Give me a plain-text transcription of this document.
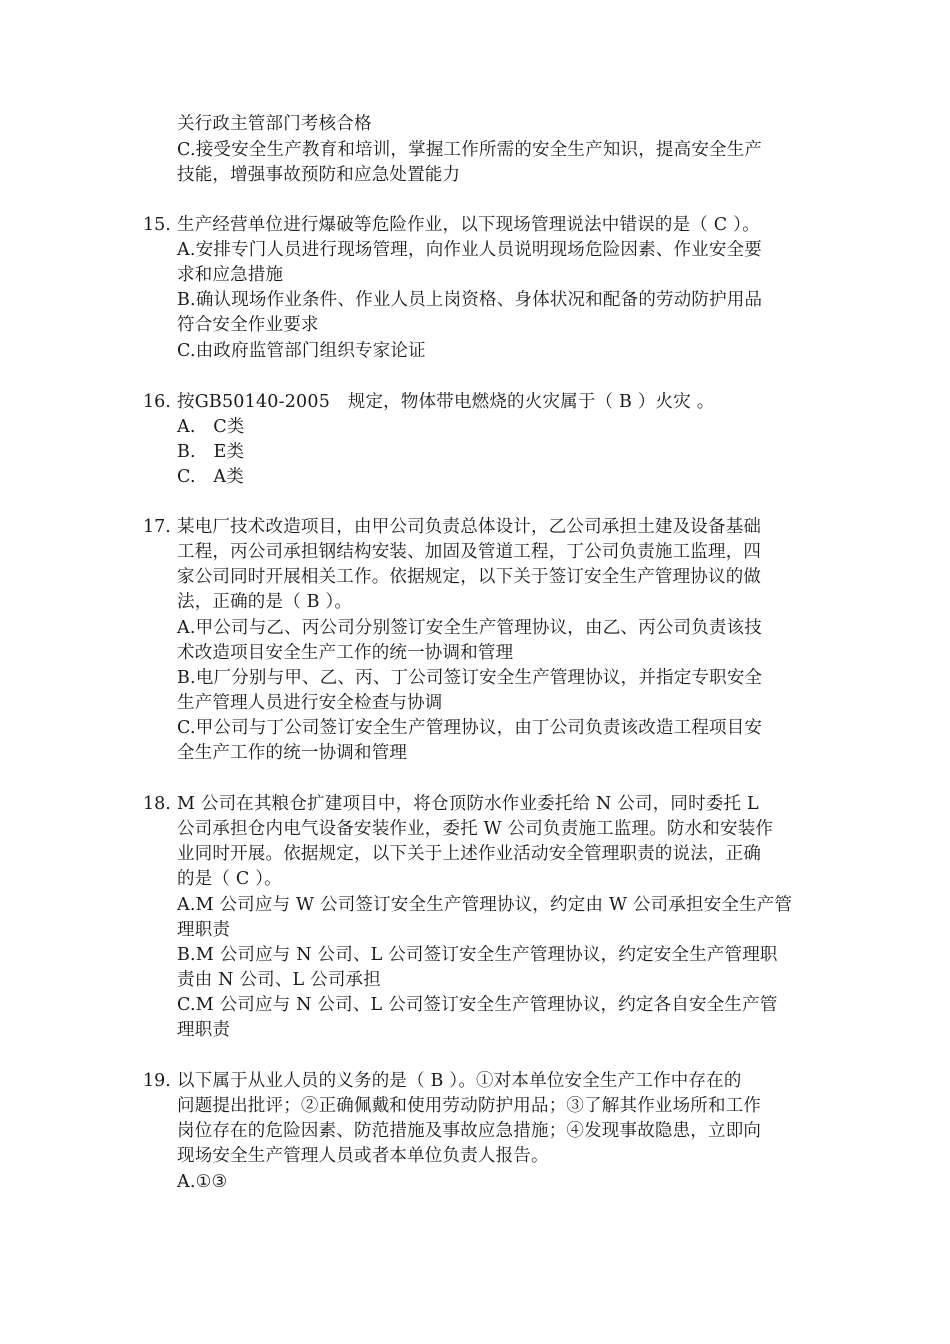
关行政主管部门考核合格
C.接受安全生产教育和培训，掌握工作所需的安全生产知识，提高安全生产
技能，增强事故预防和应急处置能力
15. 生产经营单位进行爆破等危险作业，以下现场管理说法中错误的是（ C ）。
A.安排专门人员进行现场管理，向作业人员说明现场危险因素、作业安全要
求和应急措施
B.确认现场作业条件、作业人员上岗资格、身体状况和配备的劳动防护用品
符合安全作业要求
C.由政府监管部门组织专家论证
16. 按GB50140-2005　规定，物体带电燃烧的火灾属于（ B ）火灾 。
A.　C类
B.　E类
C.　A类
17. 某电厂技术改造项目，由甲公司负责总体设计，乙公司承担土建及设备基础
工程，丙公司承担钢结构安装、加固及管道工程，丁公司负责施工监理，四
家公司同时开展相关工作。依据规定，以下关于签订安全生产管理协议的做
法，正确的是（ B ）。
A.甲公司与乙、丙公司分别签订安全生产管理协议，由乙、丙公司负责该技
术改造项目安全生产工作的统一协调和管理
B.电厂分别与甲、乙、丙、丁公司签订安全生产管理协议，并指定专职安全
生产管理人员进行安全检查与协调
C.甲公司与丁公司签订安全生产管理协议，由丁公司负责该改造工程项目安
全生产工作的统一协调和管理
18. M 公司在其粮仓扩建项目中，将仓顶防水作业委托给 N 公司，同时委托 L
公司承担仓内电气设备安装作业，委托 W 公司负责施工监理。防水和安装作
业同时开展。依据规定，以下关于上述作业活动安全管理职责的说法，正确
的是（ C ）。
A.M 公司应与 W 公司签订安全生产管理协议，约定由 W 公司承担安全生产管
理职责
B.M 公司应与 N 公司、L 公司签订安全生产管理协议，约定安全生产管理职
责由 N 公司、L 公司承担
C.M 公司应与 N 公司、L 公司签订安全生产管理协议，约定各自安全生产管
理职责
19. 以下属于从业人员的义务的是（ B ）。①对本单位安全生产工作中存在的
问题提出批评；②正确佩戴和使用劳动防护用品；③了解其作业场所和工作
岗位存在的危险因素、防范措施及事故应急措施；④发现事故隐患，立即向
现场安全生产管理人员或者本单位负责人报告。
A.①③
